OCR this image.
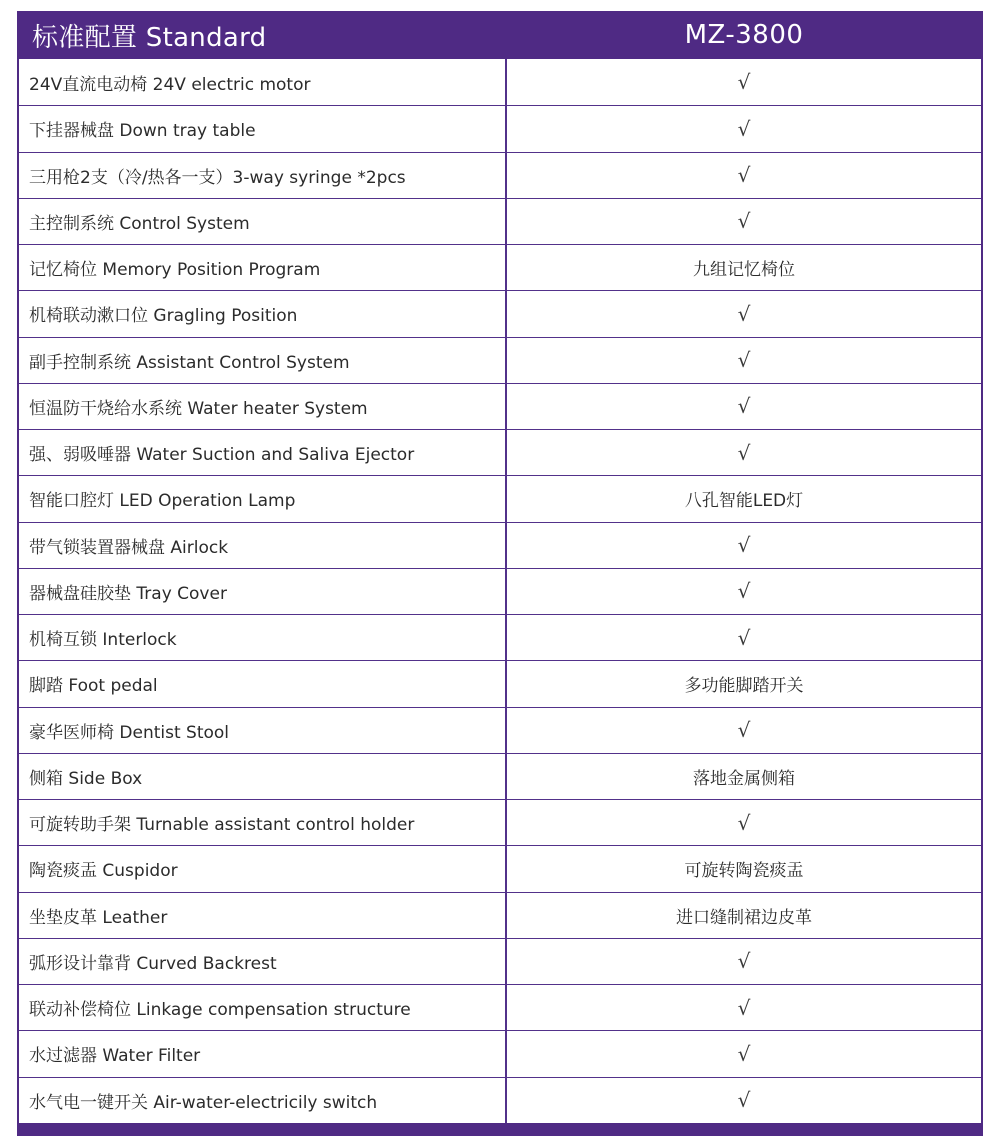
标准配置 Standard	MZ-3800
24V直流电动椅 24V electric motor	√
下挂器械盘 Down tray table	√
三用枪2支（冷/热各一支）3-way syringe *2pcs	√
主控制系统 Control System	√
记忆椅位 Memory Position Program	九组记忆椅位
机椅联动漱口位 Gragling Position	√
副手控制系统 Assistant Control System	√
恒温防干烧给水系统 Water heater System	√
强、弱吸唾器 Water Suction and Saliva Ejector	√
智能口腔灯 LED Operation Lamp	八孔智能LED灯
带气锁装置器械盘 Airlock	√
器械盘硅胶垫 Tray Cover	√
机椅互锁 Interlock	√
脚踏 Foot pedal	多功能脚踏开关
豪华医师椅 Dentist Stool	√
侧箱 Side Box	落地金属侧箱
可旋转助手架 Turnable assistant control holder	√
陶瓷痰盂 Cuspidor	可旋转陶瓷痰盂
坐垫皮革 Leather	进口缝制裙边皮革
弧形设计靠背 Curved Backrest	√
联动补偿椅位 Linkage compensation structure	√
水过滤器 Water Filter	√
水气电一键开关 Air-water-electricily switch	√
